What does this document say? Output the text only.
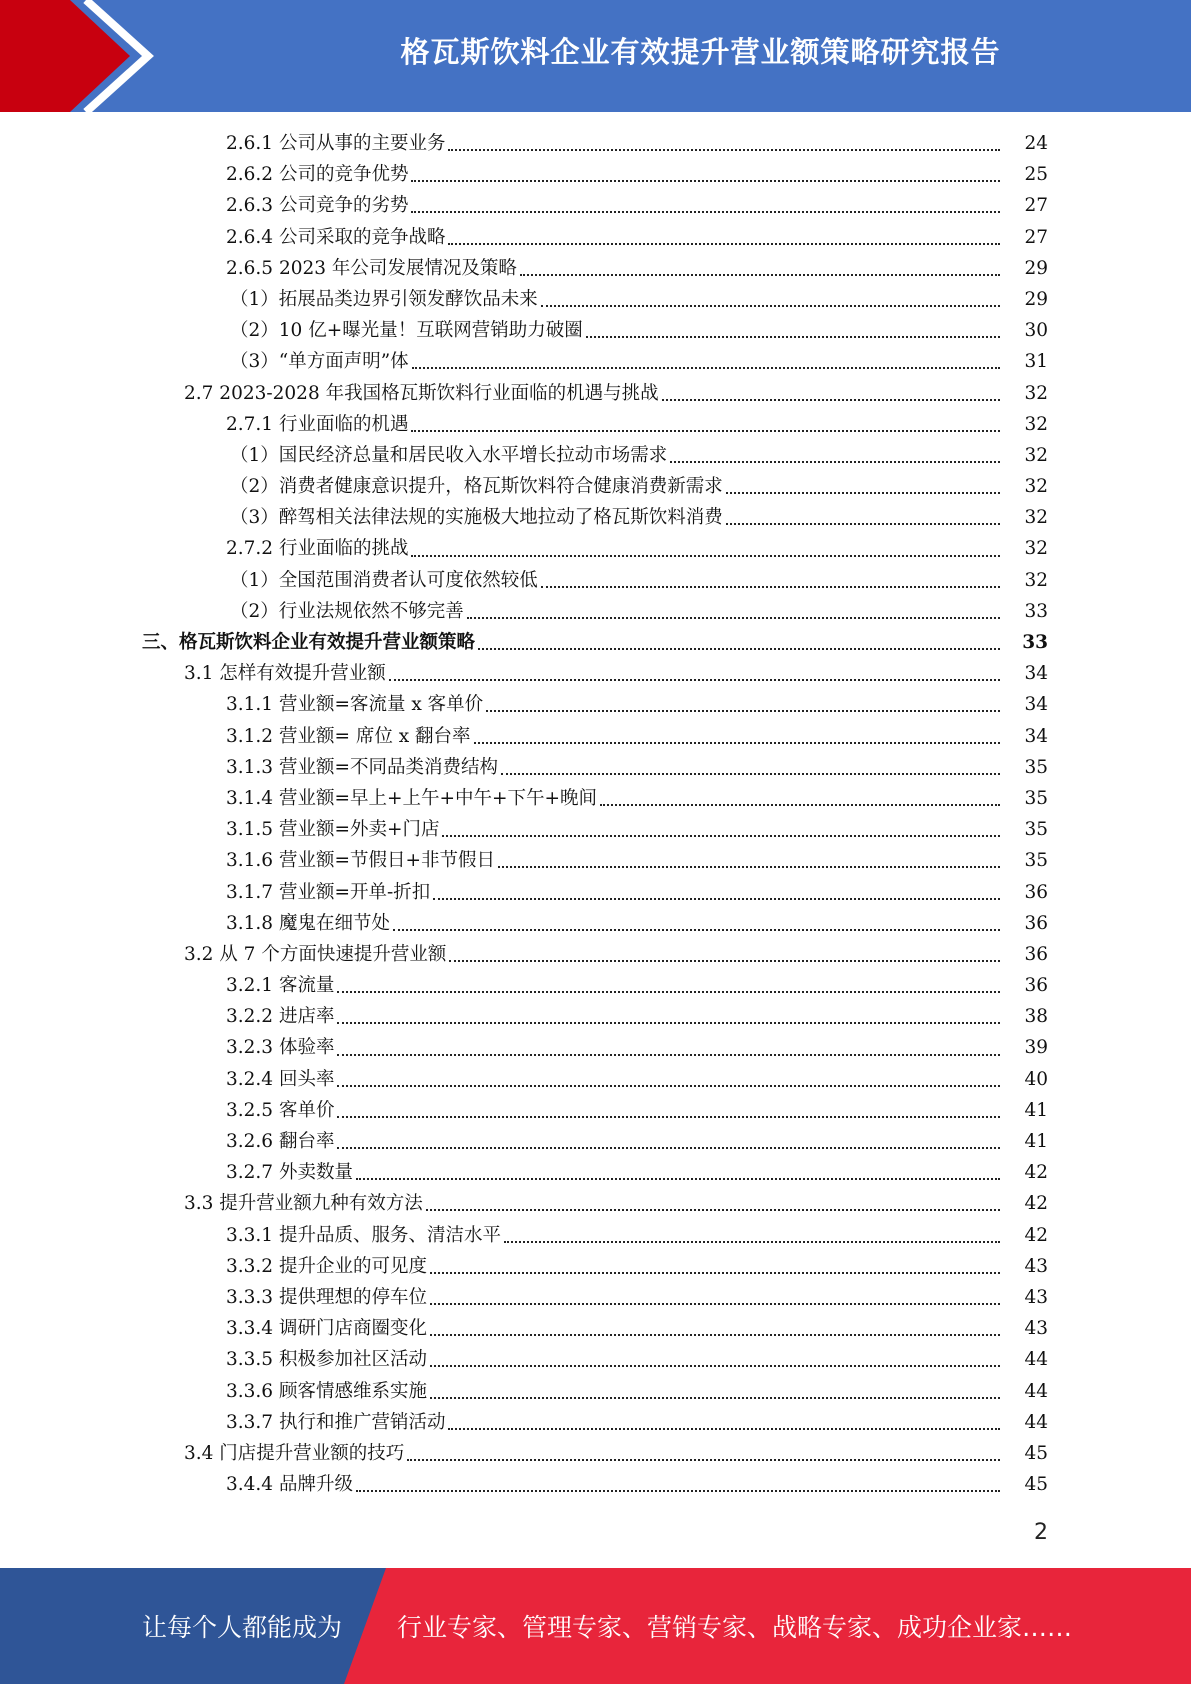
格瓦斯饮料企业有效提升营业额策略研究报告
2.6.1 公司从事的主要业务	24
2.6.2 公司的竞争优势	25
2.6.3 公司竞争的劣势	27
2.6.4 公司采取的竞争战略	27
2.6.5 2023 年公司发展情况及策略	29
（1）拓展品类边界引领发酵饮品未来	29
（2）10 亿+曝光量！互联网营销助力破圈	30
（3）“单方面声明”体	31
2.7 2023-2028 年我国格瓦斯饮料行业面临的机遇与挑战	32
2.7.1 行业面临的机遇	32
（1）国民经济总量和居民收入水平增长拉动市场需求	32
（2）消费者健康意识提升，格瓦斯饮料符合健康消费新需求	32
（3）醉驾相关法律法规的实施极大地拉动了格瓦斯饮料消费	32
2.7.2 行业面临的挑战	32
（1）全国范围消费者认可度依然较低	32
（2）行业法规依然不够完善	33
三、格瓦斯饮料企业有效提升营业额策略	33
3.1 怎样有效提升营业额	34
3.1.1 营业额=客流量 x 客单价	34
3.1.2 营业额= 席位 x 翻台率	34
3.1.3 营业额=不同品类消费结构	35
3.1.4 营业额=早上+上午+中午+下午+晚间	35
3.1.5 营业额=外卖+门店	35
3.1.6 营业额=节假日+非节假日	35
3.1.7 营业额=开单-折扣	36
3.1.8 魔鬼在细节处	36
3.2 从 7 个方面快速提升营业额	36
3.2.1 客流量	36
3.2.2 进店率	38
3.2.3 体验率	39
3.2.4 回头率	40
3.2.5 客单价	41
3.2.6 翻台率	41
3.2.7 外卖数量	42
3.3 提升营业额九种有效方法	42
3.3.1 提升品质、服务、清洁水平	42
3.3.2 提升企业的可见度	43
3.3.3 提供理想的停车位	43
3.3.4 调研门店商圈变化	43
3.3.5 积极参加社区活动	44
3.3.6 顾客情感维系实施	44
3.3.7 执行和推广营销活动	44
3.4 门店提升营业额的技巧	45
3.4.4 品牌升级	45
2
让每个人都能成为 行业专家、管理专家、营销专家、战略专家、成功企业家……
